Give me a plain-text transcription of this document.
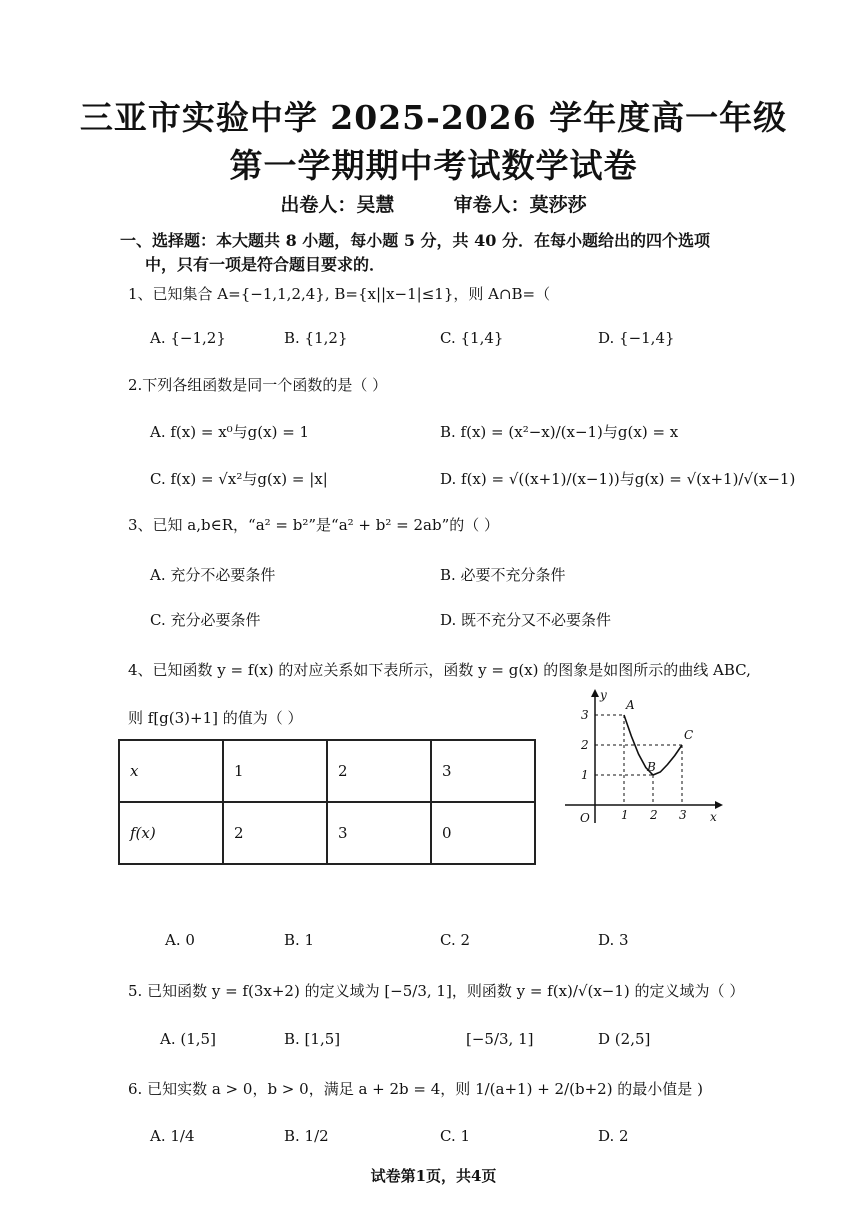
三亚市实验中学 2025-2026 学年度高一年级
第一学期期中考试数学试卷
出卷人：吴慧	审卷人：莫莎莎
一、选择题：本大题共 8 小题，每小题 5 分，共 40 分．在每小题给出的四个选项
中，只有一项是符合题目要求的．
1、已知集合 A={−1,1,2,4}, B={x||x−1|≤1}，则 A∩B=（
A. {−1,2}	B. {1,2}	C. {1,4}	D. {−1,4}
2.下列各组函数是同一个函数的是（ ）
A. f(x) = x⁰与g(x) = 1	B. f(x) = (x²−x)/(x−1)与g(x) = x
C. f(x) = √x²与g(x) = |x|	D. f(x) = √((x+1)/(x−1))与g(x) = √(x+1)/√(x−1)
3、已知 a,b∈R，“a² = b²”是“a² + b² = 2ab”的（ ）
A. 充分不必要条件	B. 必要不充分条件
C. 充分必要条件	D. 既不充分又不必要条件
4、已知函数 y = f(x) 的对应关系如下表所示，函数 y = g(x) 的图象是如图所示的曲线 ABC,
则 f[g(3)+1] 的值为（ ）
x	1	2	3
f(x)	2	3	0
1 2 3
1
2
3
A
B
C
x
y
O
A. 0	B. 1	C. 2	D. 3
5. 已知函数 y = f(3x+2) 的定义域为 [−5/3, 1]，则函数 y = f(x)/√(x−1) 的定义域为（ ）
A. (1,5]	B. [1,5]	[−5/3, 1]	D (2,5]
6. 已知实数 a > 0，b > 0，满足 a + 2b = 4，则 1/(a+1) + 2/(b+2) 的最小值是 )
A. 1/4	B. 1/2	C. 1	D. 2
试卷第1页，共4页
